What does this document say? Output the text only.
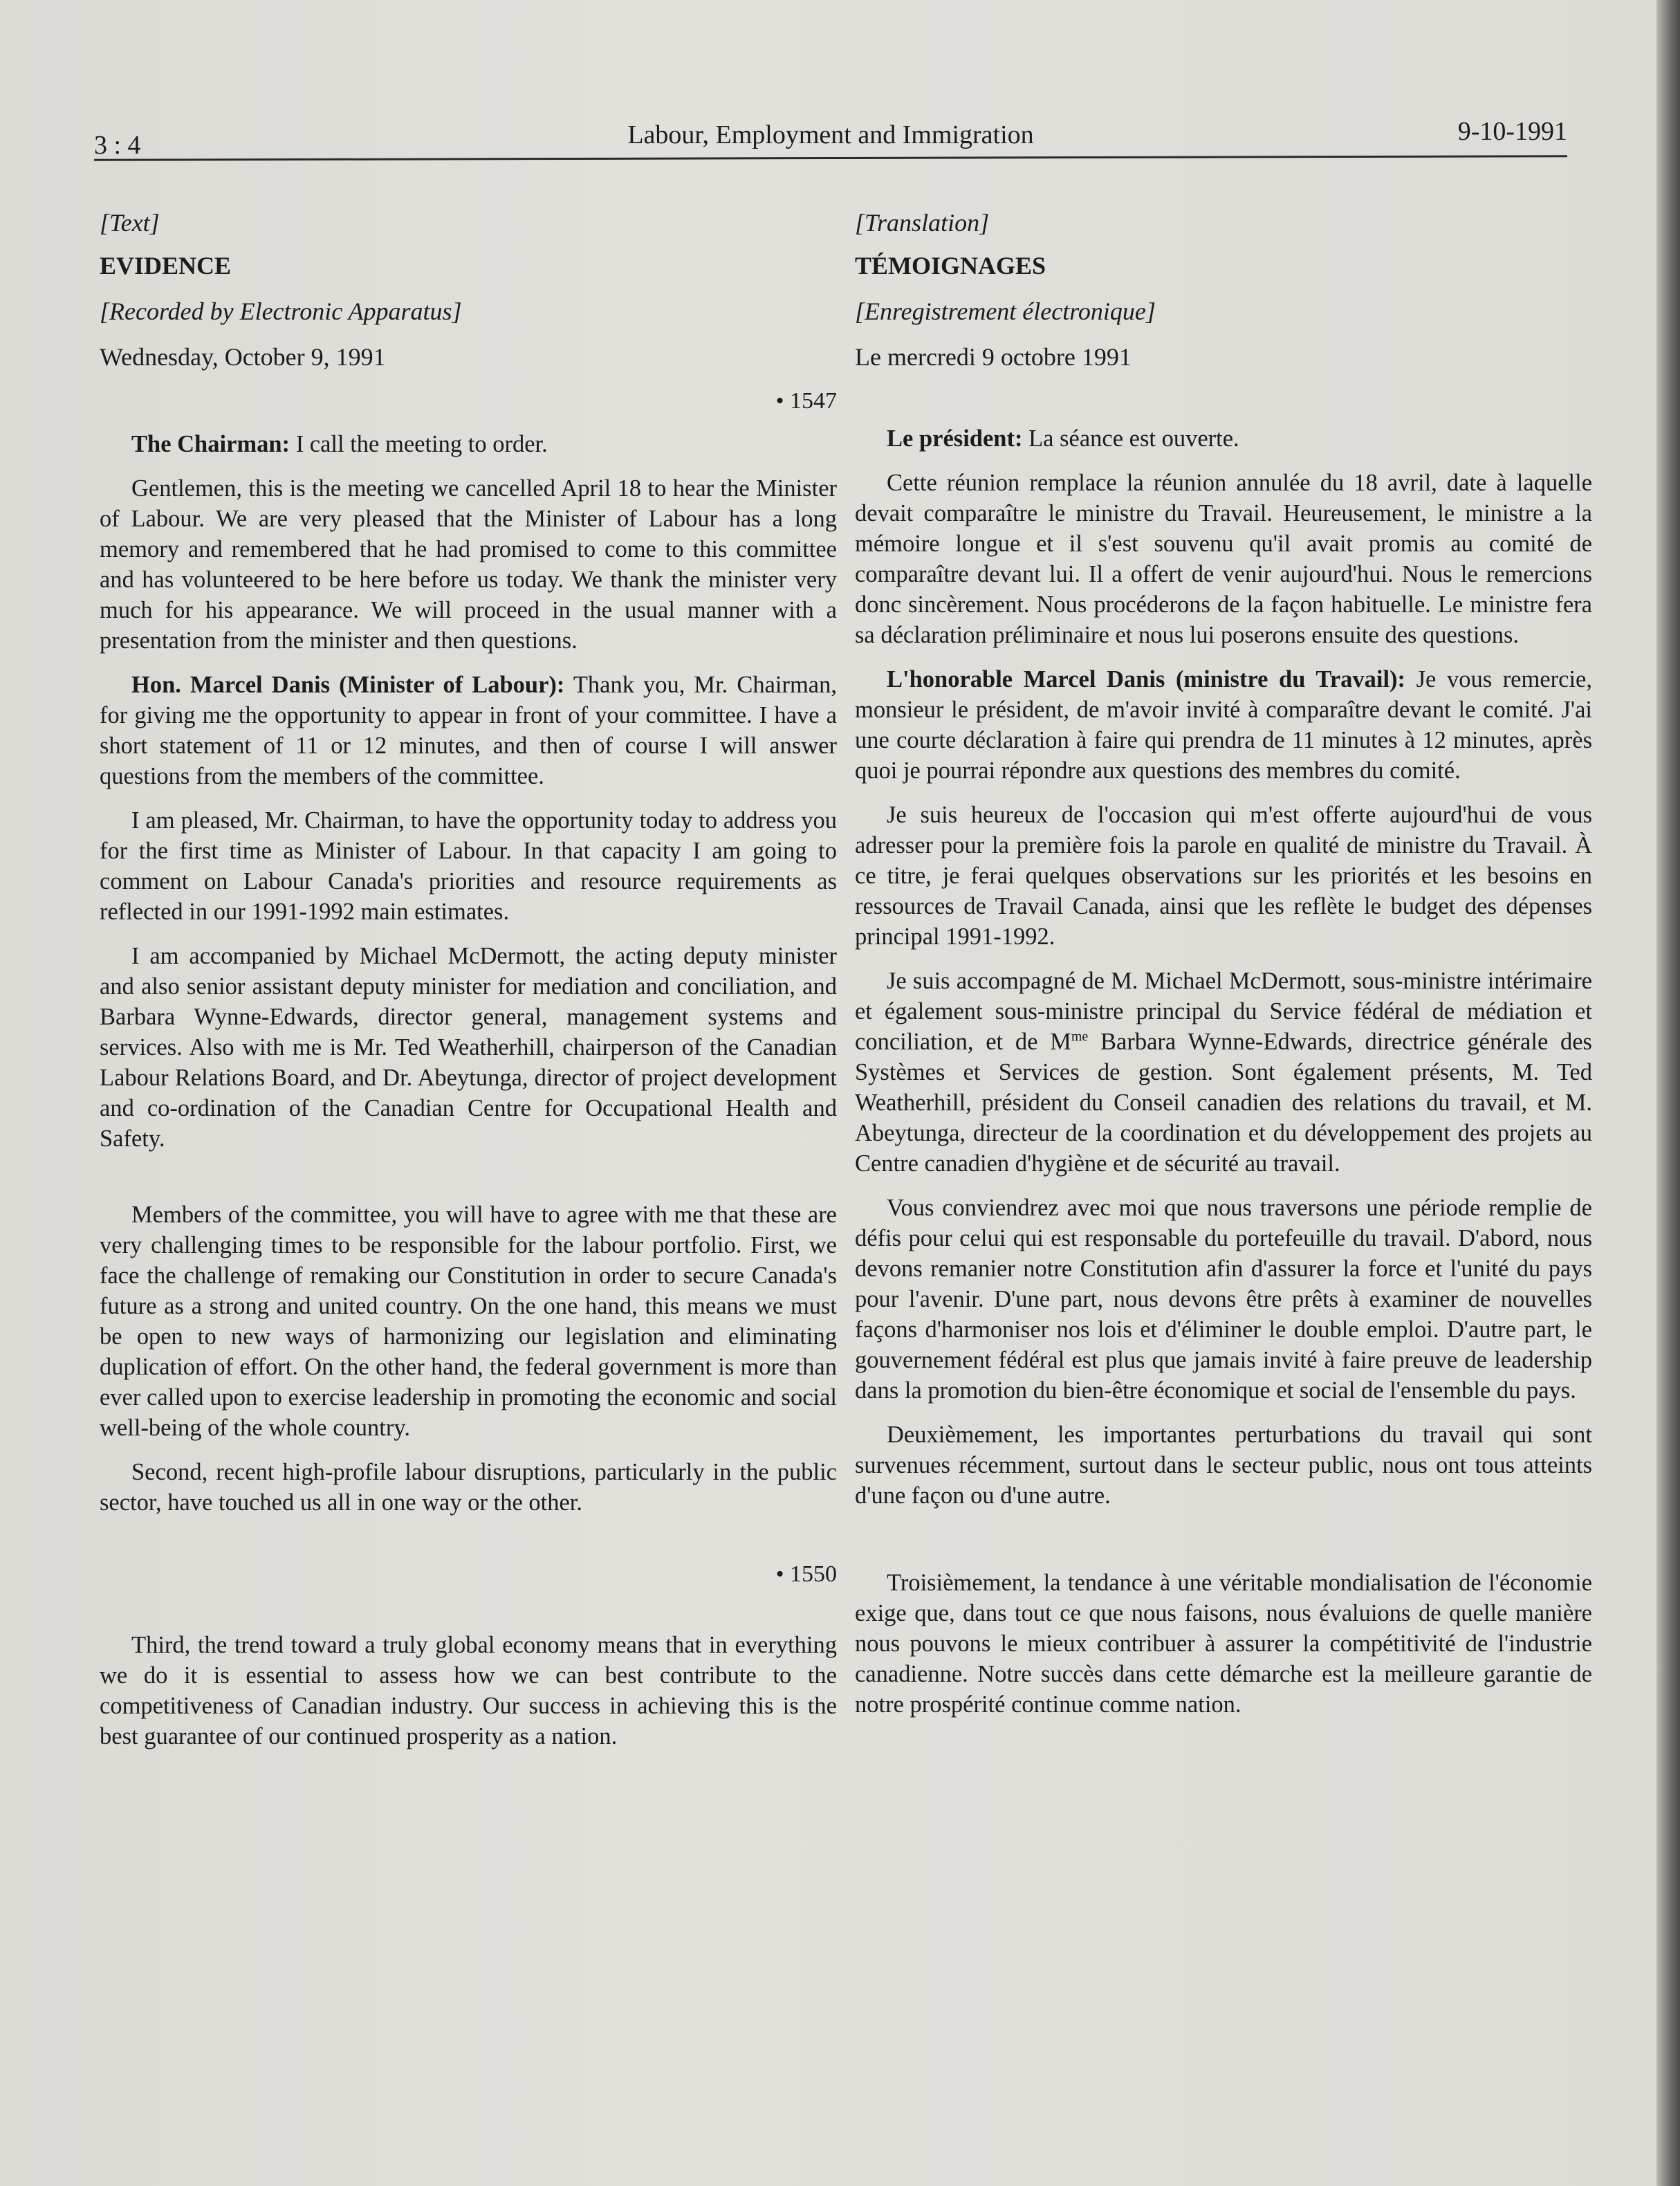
3 : 4	Labour, Employment and Immigration	9-10-1991
[Text]
EVIDENCE
[Recorded by Electronic Apparatus]
Wednesday, October 9, 1991
• 1547

The Chairman: I call the meeting to order.

Gentlemen, this is the meeting we cancelled April 18 to hear the Minister of Labour. We are very pleased that the Minister of Labour has a long memory and remembered that he had promised to come to this committee and has volunteered to be here before us today. We thank the minister very much for his appearance. We will proceed in the usual manner with a presentation from the minister and then questions.

Hon. Marcel Danis (Minister of Labour): Thank you, Mr. Chairman, for giving me the opportunity to appear in front of your committee. I have a short statement of 11 or 12 minutes, and then of course I will answer questions from the members of the committee.

I am pleased, Mr. Chairman, to have the opportunity today to address you for the first time as Minister of Labour. In that capacity I am going to comment on Labour Canada's priorities and resource requirements as reflected in our 1991-1992 main estimates.

I am accompanied by Michael McDermott, the acting deputy minister and also senior assistant deputy minister for mediation and conciliation, and Barbara Wynne-Edwards, director general, management systems and services. Also with me is Mr. Ted Weatherhill, chairperson of the Canadian Labour Relations Board, and Dr. Abeytunga, director of project development and co-ordination of the Canadian Centre for Occupational Health and Safety.

Members of the committee, you will have to agree with me that these are very challenging times to be responsible for the labour portfolio. First, we face the challenge of remaking our Constitution in order to secure Canada's future as a strong and united country. On the one hand, this means we must be open to new ways of harmonizing our legislation and eliminating duplication of effort. On the other hand, the federal government is more than ever called upon to exercise leadership in promoting the economic and social well-being of the whole country.

Second, recent high-profile labour disruptions, particularly in the public sector, have touched us all in one way or the other.

• 1550

Third, the trend toward a truly global economy means that in everything we do it is essential to assess how we can best contribute to the competitiveness of Canadian industry. Our success in achieving this is the best guarantee of our continued prosperity as a nation.

[Translation]
TÉMOIGNAGES
[Enregistrement électronique]
Le mercredi 9 octobre 1991

Le président: La séance est ouverte.

Cette réunion remplace la réunion annulée du 18 avril, date à laquelle devait comparaître le ministre du Travail. Heureusement, le ministre a la mémoire longue et il s'est souvenu qu'il avait promis au comité de comparaître devant lui. Il a offert de venir aujourd'hui. Nous le remercions donc sincèrement. Nous procéderons de la façon habituelle. Le ministre fera sa déclaration préliminaire et nous lui poserons ensuite des questions.

L'honorable Marcel Danis (ministre du Travail): Je vous remercie, monsieur le président, de m'avoir invité à comparaître devant le comité. J'ai une courte déclaration à faire qui prendra de 11 minutes à 12 minutes, après quoi je pourrai répondre aux questions des membres du comité.

Je suis heureux de l'occasion qui m'est offerte aujourd'hui de vous adresser pour la première fois la parole en qualité de ministre du Travail. À ce titre, je ferai quelques observations sur les priorités et les besoins en ressources de Travail Canada, ainsi que les reflète le budget des dépenses principal 1991-1992.

Je suis accompagné de M. Michael McDermott, sous-ministre intérimaire et également sous-ministre principal du Service fédéral de médiation et conciliation, et de $M^{me}$ Barbara Wynne-Edwards, directrice générale des Systèmes et Services de gestion. Sont également présents, M. Ted Weatherhill, président du Conseil canadien des relations du travail, et M. Abeytunga, directeur de la coordination et du développement des projets au Centre canadien d'hygiène et de sécurité au travail.

Vous conviendrez avec moi que nous traversons une période remplie de défis pour celui qui est responsable du portefeuille du travail. D'abord, nous devons remanier notre Constitution afin d'assurer la force et l'unité du pays pour l'avenir. D'une part, nous devons être prêts à examiner de nouvelles façons d'harmoniser nos lois et d'éliminer le double emploi. D'autre part, le gouvernement fédéral est plus que jamais invité à faire preuve de leadership dans la promotion du bien-être économique et social de l'ensemble du pays.

Deuxièmement, les importantes perturbations du travail qui sont survenues récemment, surtout dans le secteur public, nous ont tous atteints d'une façon ou d'une autre.

Troisièmement, la tendance à une véritable mondialisation de l'économie exige que, dans tout ce que nous faisons, nous évaluions de quelle manière nous pouvons le mieux contribuer à assurer la compétitivité de l'industrie canadienne. Notre succès dans cette démarche est la meilleure garantie de notre prospérité continue comme nation.
